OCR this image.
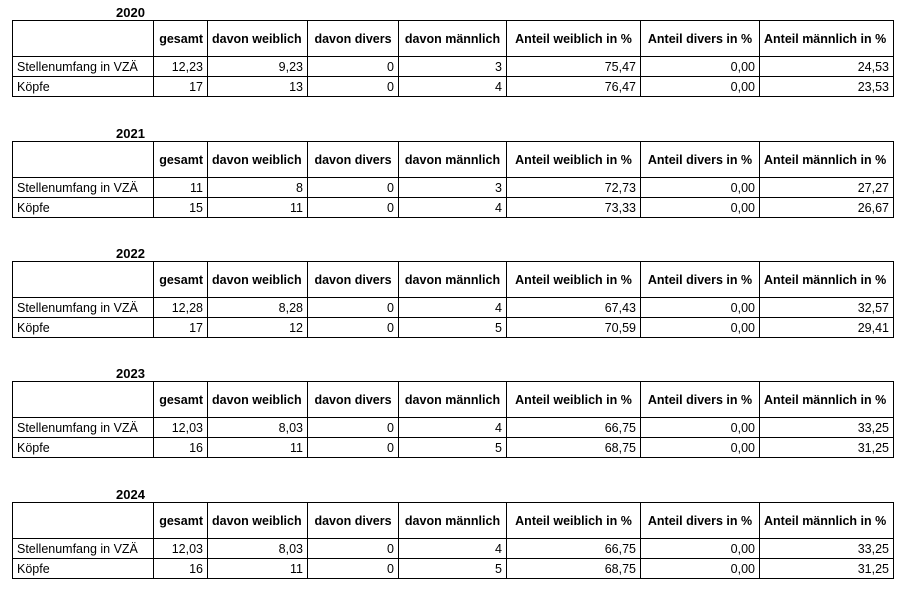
2020
	gesamt	davon weiblich	davon divers	davon männlich	Anteil weiblich in %	Anteil divers in %	Anteil männlich in %
Stellenumfang in VZÄ	12,23	9,23	0	3	75,47	0,00	24,53
Köpfe	17	13	0	4	76,47	0,00	23,53
2021
	gesamt	davon weiblich	davon divers	davon männlich	Anteil weiblich in %	Anteil divers in %	Anteil männlich in %
Stellenumfang in VZÄ	11	8	0	3	72,73	0,00	27,27
Köpfe	15	11	0	4	73,33	0,00	26,67
2022
	gesamt	davon weiblich	davon divers	davon männlich	Anteil weiblich in %	Anteil divers in %	Anteil männlich in %
Stellenumfang in VZÄ	12,28	8,28	0	4	67,43	0,00	32,57
Köpfe	17	12	0	5	70,59	0,00	29,41
2023
	gesamt	davon weiblich	davon divers	davon männlich	Anteil weiblich in %	Anteil divers in %	Anteil männlich in %
Stellenumfang in VZÄ	12,03	8,03	0	4	66,75	0,00	33,25
Köpfe	16	11	0	5	68,75	0,00	31,25
2024
	gesamt	davon weiblich	davon divers	davon männlich	Anteil weiblich in %	Anteil divers in %	Anteil männlich in %
Stellenumfang in VZÄ	12,03	8,03	0	4	66,75	0,00	33,25
Köpfe	16	11	0	5	68,75	0,00	31,25
